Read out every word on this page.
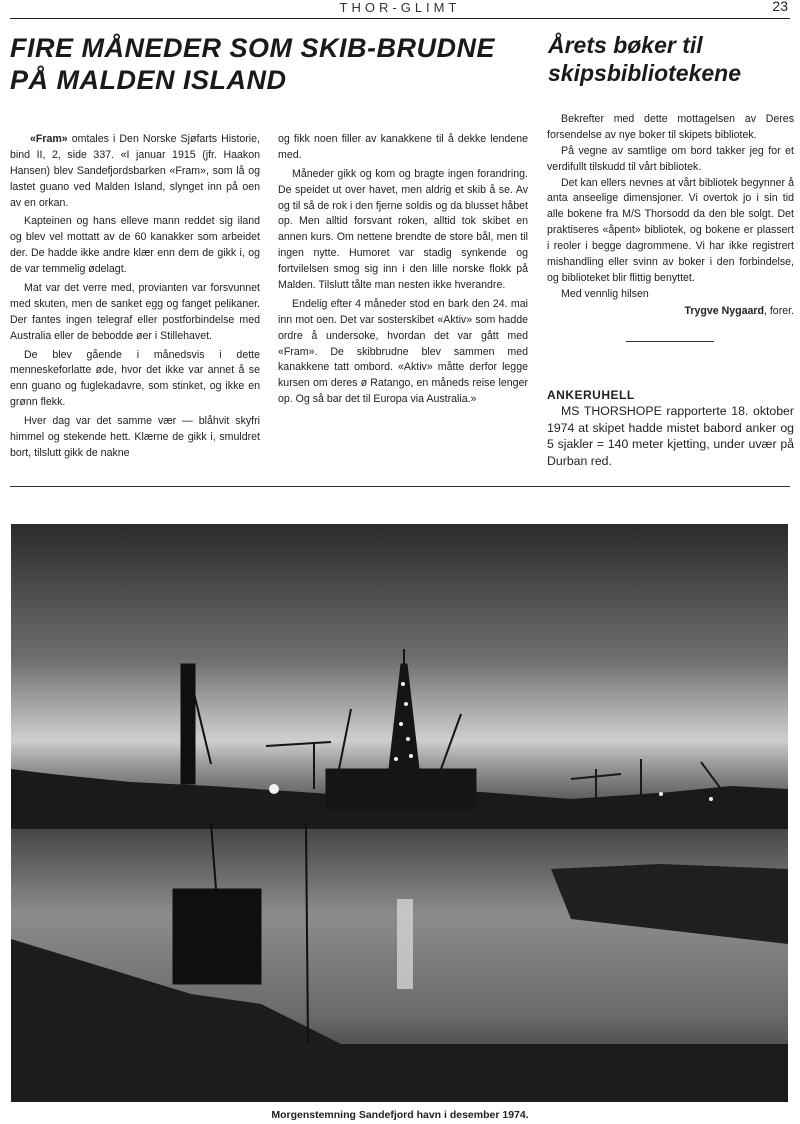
THOR-GLIMT	23
FIRE MÅNEDER SOM SKIB-BRUDNE PÅ MALDEN ISLAND
Årets bøker til skipsbibliotekene

«Fram» omtales i Den Norske Sjøfarts Historie, bind II, 2, side 337. «I januar 1915 (jfr. Haakon Hansen) blev Sandefjordsbarken «Fram», som lå og lastet guano ved Malden Island, slynget inn på oen av en orkan.

Kapteinen og hans elleve mann reddet sig iland og blev vel mottatt av de 60 kanakker som arbeidet der. De hadde ikke andre klær enn dem de gikk i, og de var temmelig ødelagt.

Mat var det verre med, provianten var forsvunnet med skuten, men de sanket egg og fanget pelikaner. Der fantes ingen telegraf eller postforbindelse med Australia eller de bebodde øer i Stillehavet.

De blev gående i månedsvis i dette menneskeforlatte øde, hvor det ikke var annet å se enn guano og fuglekadavre, som stinket, og ikke en grønn flekk.

Hver dag var det samme vær — blåhvit skyfri himmel og stekende hett. Klærne de gikk i, smuldret bort, tilslutt gikk de nakne

og fikk noen filler av kanakkene til å dekke lendene med.

Måneder gikk og kom og bragte ingen forandring. De speidet ut over havet, men aldrig et skib å se. Av og til så de rok i den fjerne soldis og da blusset håbet op. Men alltid forsvant roken, alltid tok skibet en annen kurs. Om nettene brendte de store bål, men til ingen nytte. Humoret var stadig synkende og fortvilelsen smog sig inn i den lille norske flokk på Malden. Tilslutt tålte man nesten ikke hverandre.

Endelig efter 4 måneder stod en bark den 24. mai inn mot oen. Det var sosterskibet «Aktiv» som hadde ordre å undersoke, hvordan det var gått med «Fram». De skibbrudne blev sammen med kanakkene tatt ombord. «Aktiv» måtte derfor legge kursen om deres ø Ratango, en måneds reise lenger op. Og så bar det til Europa via Australia.»

Bekrefter med dette mottagelsen av Deres forsendelse av nye boker til skipets bibliotek.

På vegne av samtlige om bord takker jeg for et verdifullt tilskudd til vårt bibliotek.

Det kan ellers nevnes at vårt bibliotek begynner å anta anseelige dimensjoner. Vi overtok jo i sin tid alle bokene fra M/S Thorsodd da den ble solgt. Det praktiseres «åpent» bibliotek, og bokene er plassert i reoler i begge dagrommene. Vi har ikke registrert mishandling eller svinn av boker i den forbindelse, og biblioteket blir flittig benyttet.

Med vennlig hilsen

Trygve Nygaard, forer.
ANKERUHELL

MS THORSHOPE rapporterte 18. oktober 1974 at skipet hadde mistet babord anker og 5 sjakler = 140 meter kjetting, under uvær på Durban red.

Morgenstemning Sandefjord havn i desember 1974.
